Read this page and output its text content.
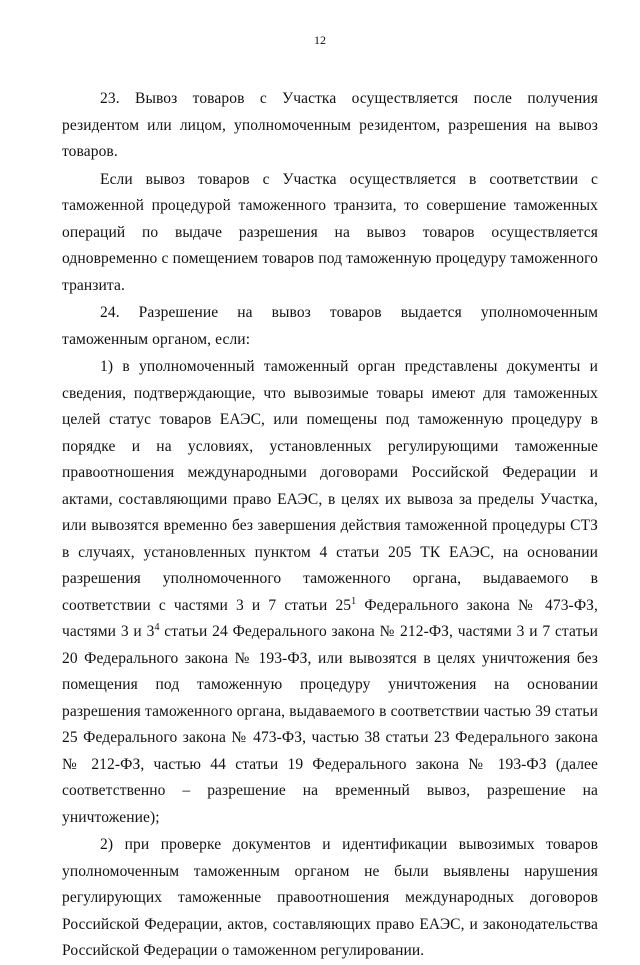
12

23. Вывоз товаров с Участка осуществляется после получения резидентом или лицом, уполномоченным резидентом, разрешения на вывоз товаров.

Если вывоз товаров с Участка осуществляется в соответствии с таможенной процедурой таможенного транзита, то совершение таможенных операций по выдаче разрешения на вывоз товаров осуществляется одновременно с помещением товаров под таможенную процедуру таможенного транзита.

24. Разрешение на вывоз товаров выдается уполномоченным таможенным органом, если:

1) в уполномоченный таможенный орган представлены документы и сведения, подтверждающие, что вывозимые товары имеют для таможенных целей статус товаров ЕАЭС, или помещены под таможенную процедуру в порядке и на условиях, установленных регулирующими таможенные правоотношения международными договорами Российской Федерации и актами, составляющими право ЕАЭС, в целях их вывоза за пределы Участка, или вывозятся временно без завершения действия таможенной процедуры СТЗ в случаях, установленных пунктом 4 статьи 205 ТК ЕАЭС, на основании разрешения уполномоченного таможенного органа, выдаваемого в соответствии с частями 3 и 7 статьи $25^1$ Федерального закона № 473-ФЗ, частями 3 и $3^4$ статьи 24 Федерального закона № 212-ФЗ, частями 3 и 7 статьи 20 Федерального закона № 193-ФЗ, или вывозятся в целях уничтожения без помещения под таможенную процедуру уничтожения на основании разрешения таможенного органа, выдаваемого в соответствии частью 39 статьи 25 Федерального закона № 473-ФЗ, частью 38 статьи 23 Федерального закона № 212-ФЗ, частью 44 статьи 19 Федерального закона № 193-ФЗ (далее соответственно – разрешение на временный вывоз, разрешение на уничтожение);

2) при проверке документов и идентификации вывозимых товаров уполномоченным таможенным органом не были выявлены нарушения регулирующих таможенные правоотношения международных договоров Российской Федерации, актов, составляющих право ЕАЭС, и законодательства Российской Федерации о таможенном регулировании.
